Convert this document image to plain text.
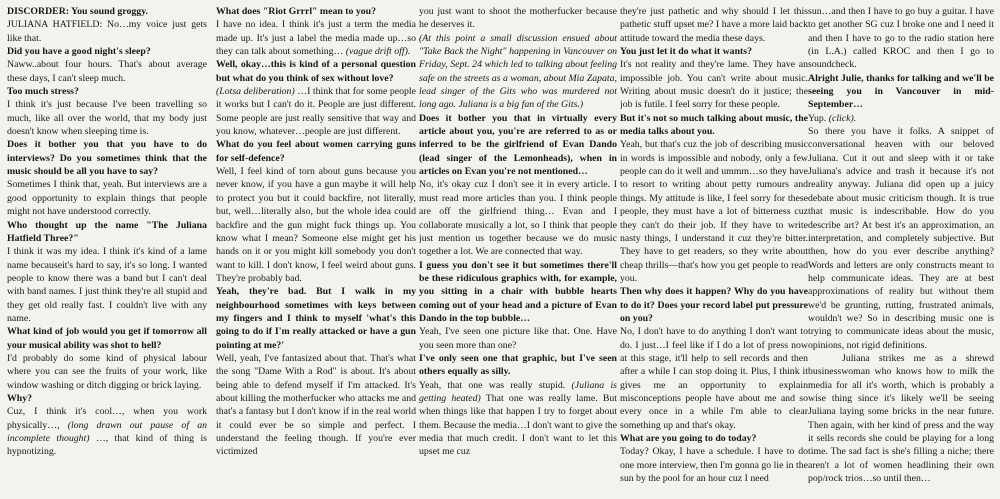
DISCORDER: You sound groggy.

JULIANA HATFIELD: No…my voice just gets like that.

Did you have a good night's sleep?

Naww..about four hours. That's about average these days, I can't sleep much.

Too much stress?

I think it's just because I've been travelling so much, like all over the world, that my body just doesn't know when sleeping time is.

Does it bother you that you have to do interviews? Do you sometimes think that the music should be all you have to say?

Sometimes I think that, yeah. But interviews are a good opportunity to explain things that people might not have understood correctly.

Who thought up the name "The Juliana Hatfield Three?"

I think it was my idea. I think it's kind of a lame name becauseit's hard to say, it's so long. I wanted people to know there was a band but I can't deal with band names. I just think they're all stupid and they get old really fast. I couldn't live with any name.

What kind of job would you get if tomorrow all your musical ability was shot to hell?

I'd probably do some kind of physical labour where you can see the fruits of your work, like window washing or ditch digging or brick laying.

Why?

Cuz, I think it's cool…, when you work physically…, (long drawn out pause of an incomplete thought) …, that kind of thing is hypnotizing.

What does "Riot Grrrl" mean to you?

I have no idea. I think it's just a term the media made up. It's just a label the media made up…so they can talk about something… (vague drift off).

Well, okay…this is kind of a personal question but what do you think of sex without love?

(Lotsa deliberation) …I think that for some people it works but I can't do it. People are just different. Some people are just really sensitive that way and you know, whatever…people are just different.

What do you feel about women carrying guns for self-defence?

Well, I feel kind of torn about guns because you never know, if you have a gun maybe it will help to protect you but it could backfire, not literally, but, well…literally also, but the whole idea could backfire and the gun might fuck things up. You know what I mean? Someone else might get his hands on it or you might kill somebody you don't want to kill. I don't know, I feel weird about guns. They're probably bad.

Yeah, they're bad. But I walk in my neighbourhood sometimes with keys between my fingers and I think to myself 'what's this going to do if I'm really attacked or have a gun pointing at me?'

Well, yeah, I've fantasized about that. That's what the song "Dame With a Rod" is about. It's about being able to defend myself if I'm attacked. It's about killing the motherfucker who attacks me and that's a fantasy but I don't know if in the real world it could ever be so simple and perfect. I understand the feeling though. If you're ever victimized

you just want to shoot the motherfucker because he deserves it.

(At this point a small discussion ensued about "Take Back the Night" happening in Vancouver on Friday, Sept. 24 which led to talking about feeling safe on the streets as a woman, about Mia Zapata, lead singer of the Gits who was murdered not long ago. Juliana is a big fan of the Gits.)

Does it bother you that in virtually every article about you, you're are referred to as or inferred to be the girlfriend of Evan Dando (lead singer of the Lemonheads), when in articles on Evan you're not mentioned…

No, it's okay cuz I don't see it in every article. I must read more articles than you. I think people are off the girlfriend thing… Evan and I collaborate musically a lot, so I think that people just mention us together because we do music together a lot. We are connected that way.

I guess you don't see it but sometimes there'll be these ridiculous graphics with, for example, you sitting in a chair with bubble hearts coming out of your head and a picture of Evan Dando in the top bubble…

Yeah, I've seen one picture like that. One. Have you seen more than one?

I've only seen one that graphic, but I've seen others equally as silly.

Yeah, that one was really stupid. (Juliana is getting heated) That one was really lame. But when things like that happen I try to forget about them. Because the media…I don't want to give the media that much credit. I don't want to let this upset me cuz

they're just pathetic and why should I let this pathetic stuff upset me? I have a more laid back attitude toward the media these days.

You just let it do what it wants?

It's not reality and they're lame. They have an impossible job. You can't write about music. Writing about music doesn't do it justice; the job is futile. I feel sorry for these people.

But it's not so much talking about music, the media talks about you.

Yeah, but that's cuz the job of describing music in words is impossible and nobody, only a few people can do it well and ummm…so they have to resort to writing about petty rumours and things. My attitude is like, I feel sorry for these people, they must have a lot of bitterness cuz they can't do their job. If they have to write nasty things, I understand it cuz they're bitter. They have to get readers, so they write about cheap thrills—that's how you get people to read you.

Then why does it happen? Why do you have to do it? Does your record label put pressure on you?

No, I don't have to do anything I don't want to do. I just…I feel like if I do a lot of press now at this stage, it'll help to sell records and then after a while I can stop doing it. Plus, I think it gives me an opportunity to explain misconceptions people have about me and so every once in a while I'm able to clear something up and that's okay.

What are you going to do today?

Today? Okay, I have a schedule. I have to do one more interview, then I'm gonna go lie in the sun by the pool for an hour cuz I need

sun…and then I have to go buy a guitar. I have to get another SG cuz I broke one and I need it and then I have to go to the radio station here (in L.A.) called KROC and then I go to soundcheck.

Alright Julie, thanks for talking and we'll be seeing you in Vancouver in mid-September…

Yup. (click).

So there you have it folks. A snippet of conversational heaven with our beloved Juliana. Cut it out and sleep with it or take Juliana's advice and trash it because it's not reality anyway. Juliana did open up a juicy debate about music criticism though. It is true that music is indescribable. How do you describe art? At best it's an approximation, an interpretation, and completely subjective. But then, how do you ever describe anything? Words and letters are only constructs meant to help communicate ideas. They are at best approximations of reality but without them we'd be grunting, rutting, frustrated animals, wouldn't we? So in describing music one is trying to communicate ideas about the music, opinions, not rigid definitions.

Juliana strikes me as a shrewd businesswoman who knows how to milk the media for all it's worth, which is probably a wise thing since it's likely we'll be seeing Juliana laying some bricks in the near future. Then again, with her kind of press and the way it sells records she could be playing for a long time. The sad fact is she's filling a niche; there aren't a lot of women headlining their own pop/rock trios…so until then…
